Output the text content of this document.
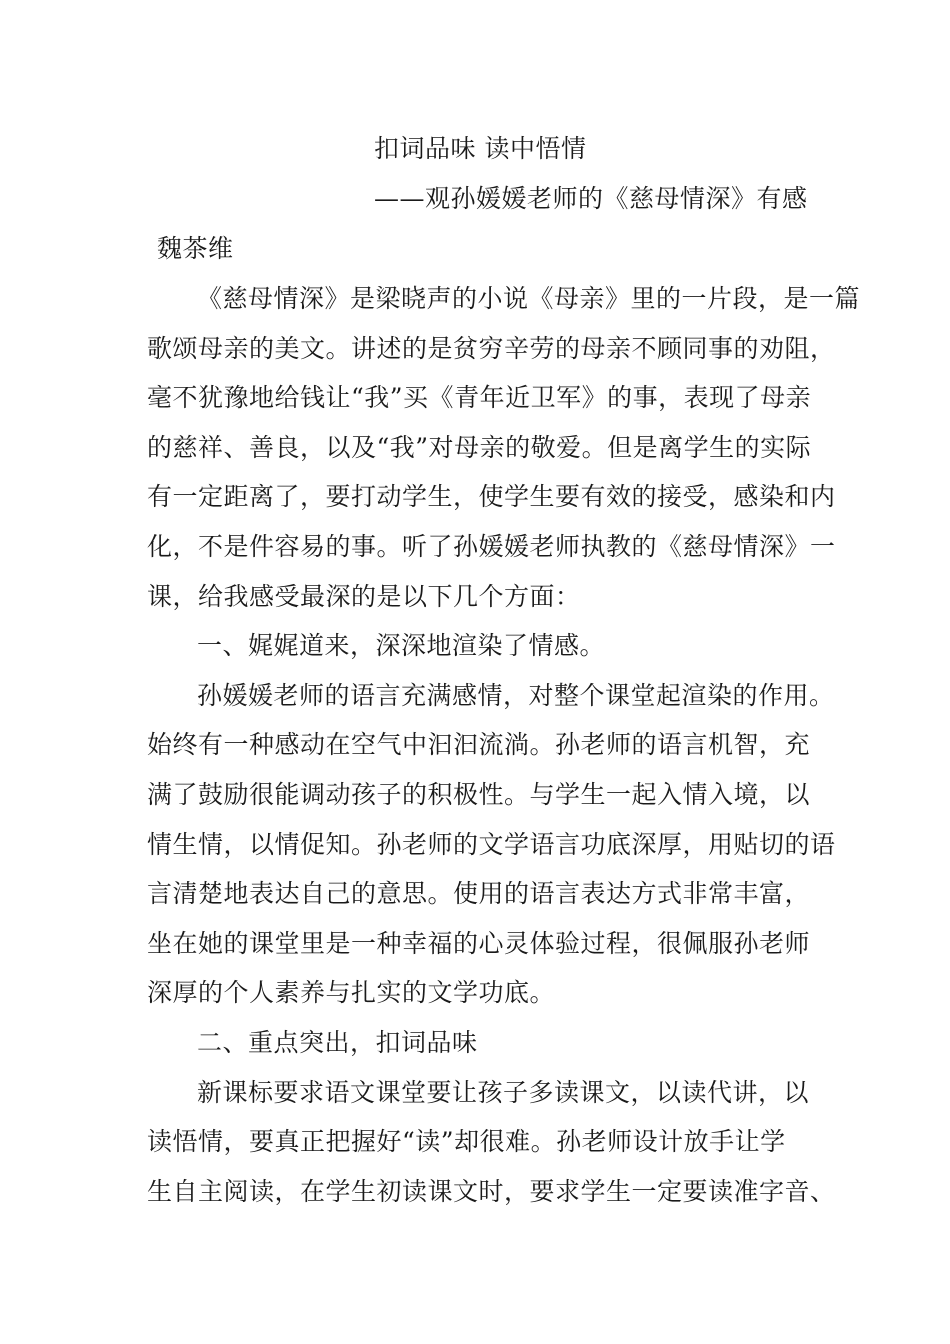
扣词品味 读中悟情
——观孙媛媛老师的《慈母情深》有感
魏茶维
《慈母情深》是梁晓声的小说《母亲》里的一片段，是一篇
歌颂母亲的美文。讲述的是贫穷辛劳的母亲不顾同事的劝阻，
毫不犹豫地给钱让“我”买《青年近卫军》的事，表现了母亲
的慈祥、善良，以及“我”对母亲的敬爱。但是离学生的实际
有一定距离了，要打动学生，使学生要有效的接受，感染和内
化，不是件容易的事。听了孙媛媛老师执教的《慈母情深》一
课，给我感受最深的是以下几个方面：
一、娓娓道来，深深地渲染了情感。
孙媛媛老师的语言充满感情，对整个课堂起渲染的作用。
始终有一种感动在空气中汩汩流淌。孙老师的语言机智，充
满了鼓励很能调动孩子的积极性。与学生一起入情入境，以
情生情，以情促知。孙老师的文学语言功底深厚，用贴切的语
言清楚地表达自己的意思。使用的语言表达方式非常丰富，
坐在她的课堂里是一种幸福的心灵体验过程，很佩服孙老师
深厚的个人素养与扎实的文学功底。
二、重点突出，扣词品味
新课标要求语文课堂要让孩子多读课文，以读代讲，以
读悟情，要真正把握好“读”却很难。孙老师设计放手让学
生自主阅读，在学生初读课文时，要求学生一定要读准字音、
